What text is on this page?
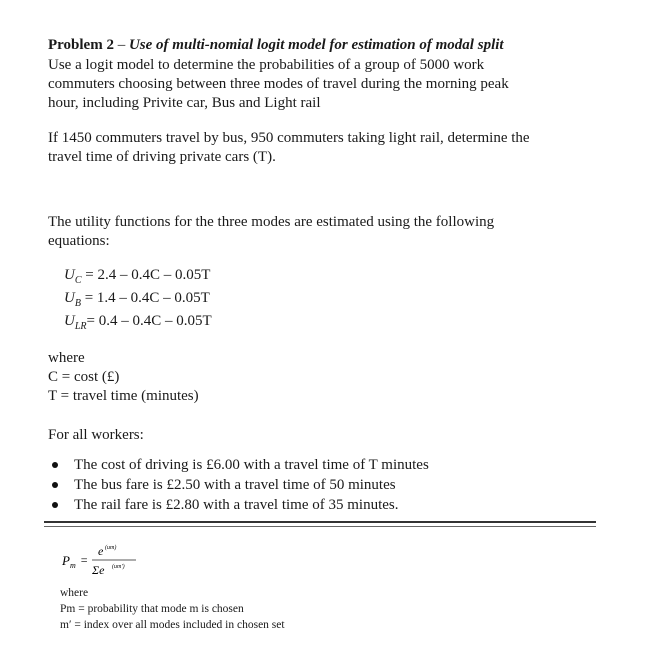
Problem 2 – Use of multi-nomial logit model for estimation of modal split
Use a logit model to determine the probabilities of a group of 5000 work
commuters choosing between three modes of travel during the morning peak
hour, including Privite car, Bus and Light rail
If 1450 commuters travel by bus, 950 commuters taking light rail, determine the
travel time of driving private cars (T).
The utility functions for the three modes are estimated using the following
equations:
$U_C = 2.4 - 0.4C - 0.05T$
$U_B = 1.4 - 0.4C - 0.05T$
$U_{LR}= 0.4 - 0.4C - 0.05T$
where
C = cost (£)
T = travel time (minutes)
For all workers:
The cost of driving is £6.00 with a travel time of T minutes
The bus fare is £2.50 with a travel time of 50 minutes
The rail fare is £2.80 with a travel time of 35 minutes.
P m =
e (um)
Σe (um′)
where
Pm = probability that mode m is chosen
m′ = index over all modes included in chosen set
